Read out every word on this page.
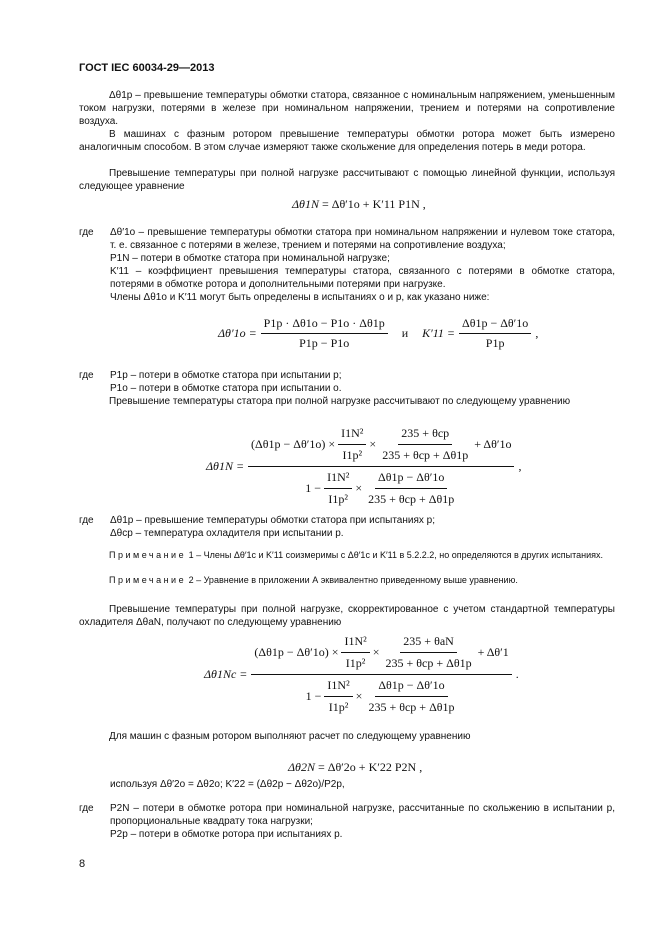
ГОСТ IEC 60034-29—2013
Δθ1p – превышение температуры обмотки статора, связанное с номинальным напряжением, уменьшенным током нагрузки, потерями в железе при номинальном напряжении, трением и потерями на сопротивление воздуха.
В машинах с фазным ротором превышение температуры обмотки ротора может быть измерено аналогичным способом. В этом случае измеряют также скольжение для определения потерь в меди ротора.
Превышение температуры при полной нагрузке рассчитывают с помощью линейной функции, используя следующее уравнение
Δθ1N = Δθ′1o + K′11 P1N ,
где Δθ′1o – превышение температуры обмотки статора при номинальном напряжении и нулевом токе статора, т. е. связанное с потерями в железе, трением и потерями на сопротивление воздуха;
P1N – потери в обмотке статора при номинальной нагрузке;
K′11 – коэффициент превышения температуры статора, связанного с потерями в обмотке статора, потерями в обмотке ротора и дополнительными потерями при нагрузке.
Члены Δθ1o и K′11 могут быть определены в испытаниях o и p, как указано ниже:
$\Delta\theta'1o = \frac{P1p \cdot \Delta\theta 1o - P1o \cdot \Delta\theta 1p}{P1p - P1o}$ и $K'11 = \frac{\Delta\theta 1p - \Delta\theta'1o}{P1p}$ ,
где P1p – потери в обмотке статора при испытании p;
P1o – потери в обмотке статора при испытании o.
Превышение температуры статора при полной нагрузке рассчитывают по следующему уравнению
Δθ1N =
$(\Delta\theta 1p - \Delta\theta'1o) \times \frac{\text{I1N²}}{\text{I1p²}} \times \frac{\text{235 + θcp}}{\text{235 + θcp + Δθ1p}} + \Delta\theta'1o$
$1 - \frac{\text{I1N²}}{\text{I1p²}} \times \frac{\Delta\theta 1p - \Delta\theta'1o}{\text{235 + θcp + Δθ1p}}$
,
где Δθ1p – превышение температуры обмотки статора при испытаниях p;
Δθcp – температура охладителя при испытании p.
Примечание 1 – Члены Δθ′1c и K′11 соизмеримы с Δθ′1c и K′11 в 5.2.2.2, но определяются в других испытаниях.
Примечание 2 – Уравнение в приложении А эквивалентно приведенному выше уравнению.
Превышение температуры при полной нагрузке, скорректированное с учетом стандартной температуры охладителя ΔθaN, получают по следующему уравнению
Δθ1Nc =
$(\Delta\theta 1p - \Delta\theta'1o) \times \frac{\text{I1N²}}{\text{I1p²}} \times \frac{\text{235 + θaN}}{\text{235 + θcp + Δθ1p}} + \Delta\theta'1$
$1 - \frac{\text{I1N²}}{\text{I1p²}} \times \frac{\Delta\theta 1p - \Delta\theta'1o}{\text{235 + θcp + Δθ1p}}$
.
Для машин с фазным ротором выполняют расчет по следующему уравнению
Δθ2N = Δθ′2o + K′22 P2N ,
используя Δθ′2o = Δθ2o; K′22 = (Δθ2p − Δθ2o)/P2p,
где P2N – потери в обмотке ротора при номинальной нагрузке, рассчитанные по скольжению в испытании p, пропорциональные квадрату тока нагрузки;
P2p – потери в обмотке ротора при испытаниях p.
8
